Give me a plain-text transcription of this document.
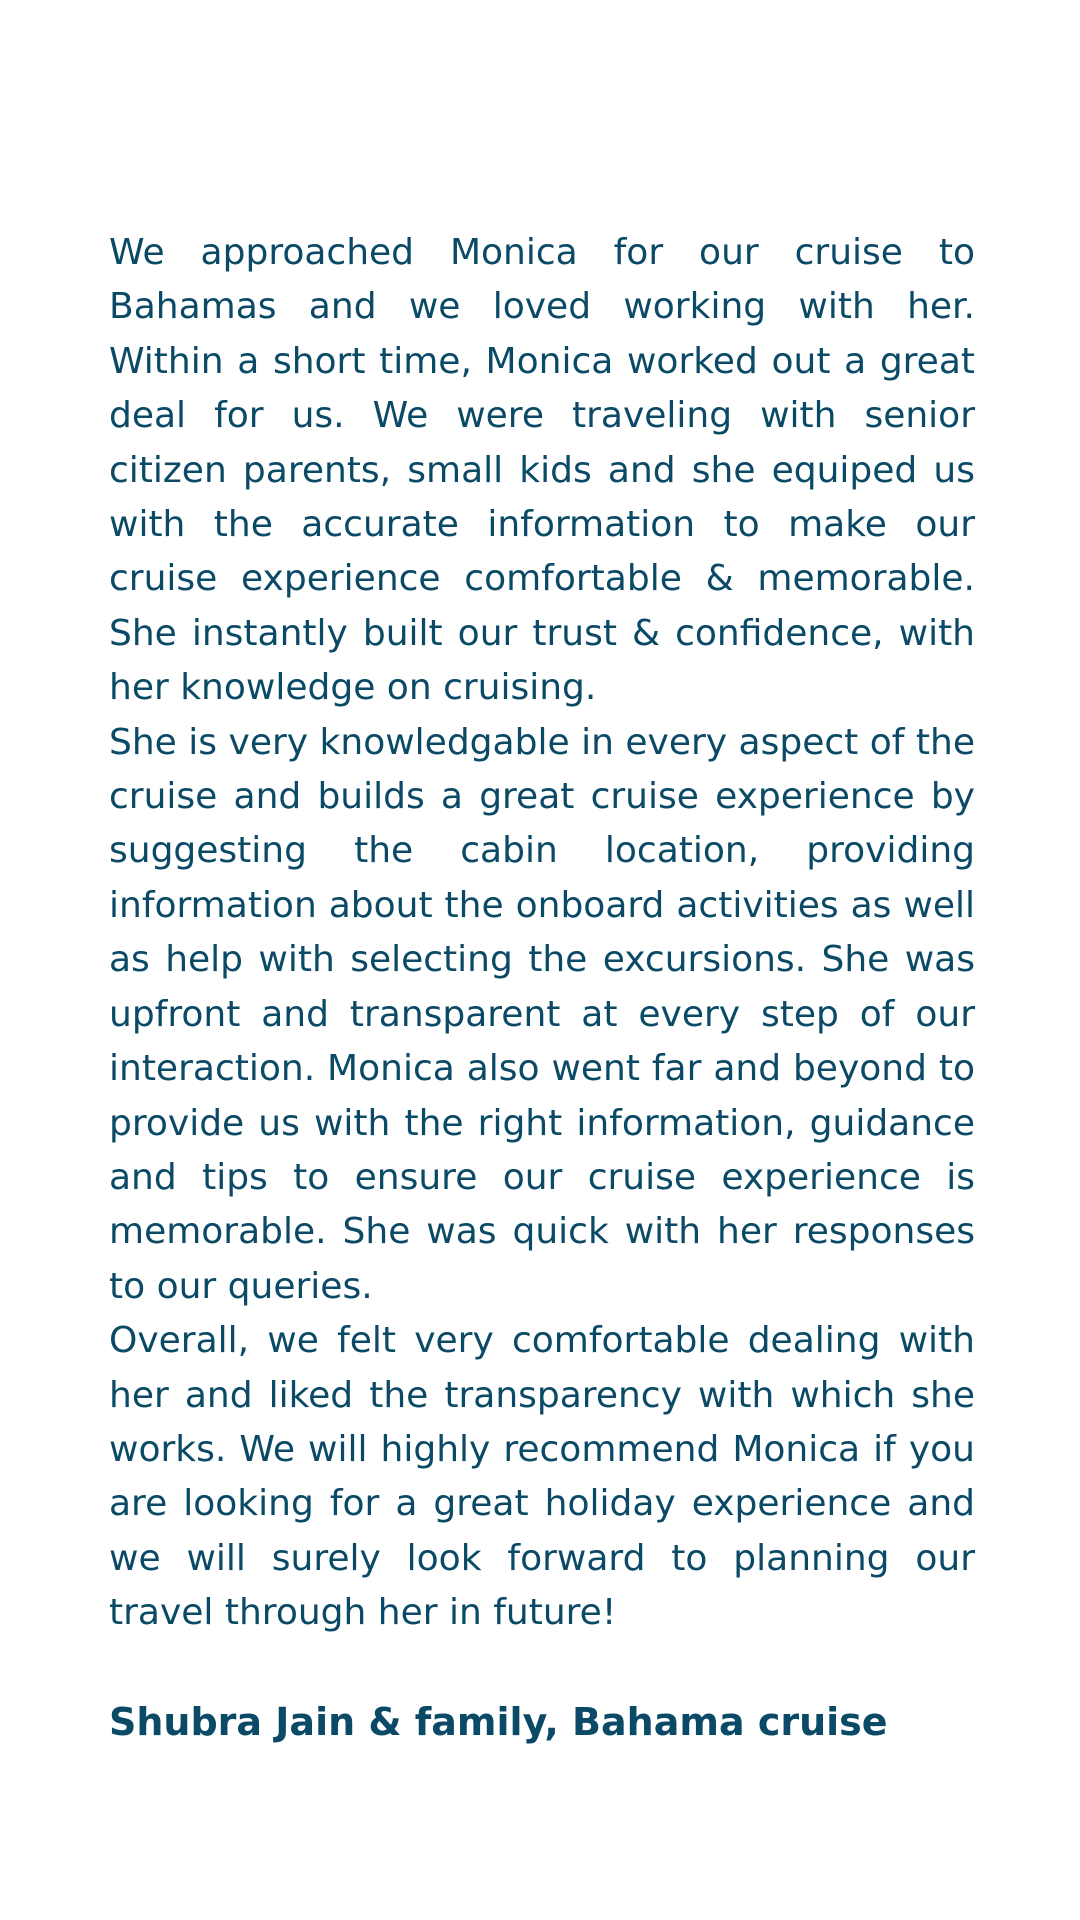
We approached Monica for our cruise to Bahamas and we loved working with her. Within a short time, Monica worked out a great deal for us. We were traveling with senior citizen parents, small kids and she equiped us with the accurate information to make our cruise experience comfortable & memorable. She instantly built our trust & confidence, with her knowledge on cruising.

She is very knowledgable in every aspect of the cruise and builds a great cruise experience by suggesting the cabin location, providing information about the onboard activities as well as help with selecting the excursions. She was upfront and transparent at every step of our interaction. Monica also went far and beyond to provide us with the right information, guidance and tips to ensure our cruise experience is memorable. She was quick with her responses to our queries.

Overall, we felt very comfortable dealing with her and liked the transparency with which she works. We will highly recommend Monica if you are looking for a great holiday experience and we will surely look forward to planning our travel through her in future!

Shubra Jain & family, Bahama cruise
